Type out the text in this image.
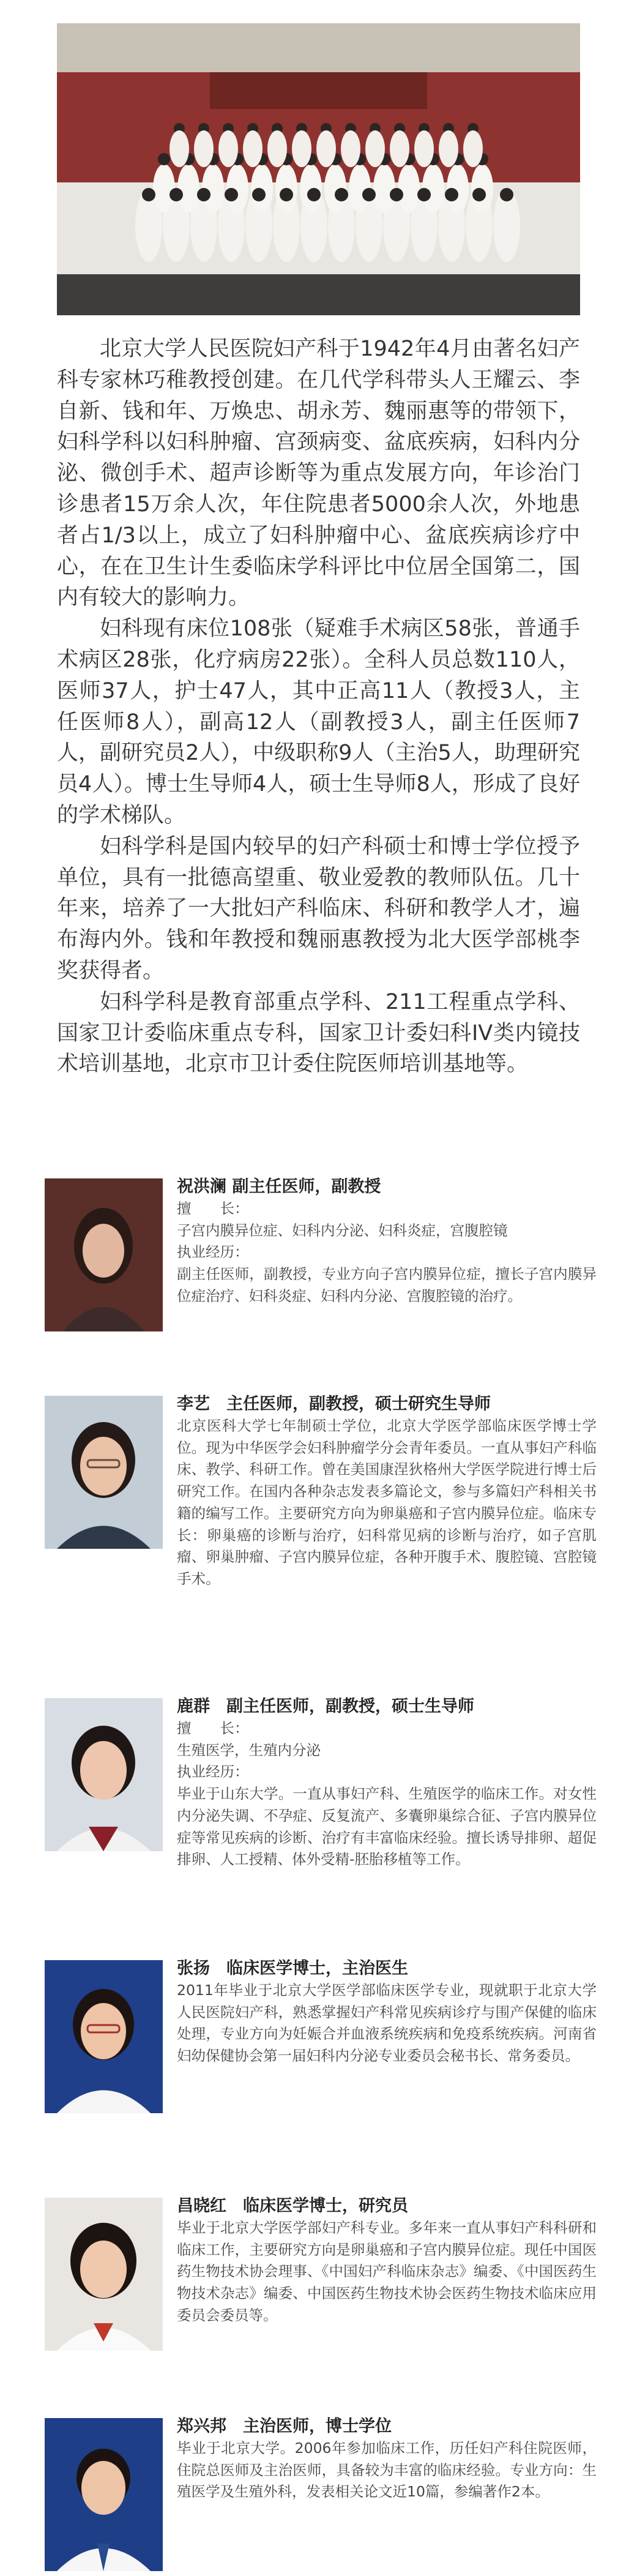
北京大学人民医院妇产科于1942年4月由著名妇产科专家林巧稚教授创建。在几代学科带头人王耀云、李自新、钱和年、万焕忠、胡永芳、魏丽惠等的带领下，妇科学科以妇科肿瘤、宫颈病变、盆底疾病，妇科内分泌、微创手术、超声诊断等为重点发展方向，年诊治门诊患者15万余人次，年住院患者5000余人次，外地患者占1/3以上，成立了妇科肿瘤中心、盆底疾病诊疗中心，在在卫生计生委临床学科评比中位居全国第二，国内有较大的影响力。

妇科现有床位108张（疑难手术病区58张，普通手术病区28张，化疗病房22张）。全科人员总数110人，医师37人，护士47人，其中正高11人（教授3人，主任医师8人），副高12人（副教授3人，副主任医师7人，副研究员2人），中级职称9人（主治5人，助理研究员4人）。博士生导师4人，硕士生导师8人，形成了良好的学术梯队。

妇科学科是国内较早的妇产科硕士和博士学位授予单位，具有一批德高望重、敬业爱教的教师队伍。几十年来，培养了一大批妇产科临床、科研和教学人才，遍布海内外。钱和年教授和魏丽惠教授为北大医学部桃李奖获得者。

妇科学科是教育部重点学科、211工程重点学科、国家卫计委临床重点专科，国家卫计委妇科IV类内镜技术培训基地，北京市卫计委住院医师培训基地等。

祝洪澜 副主任医师，副教授
擅　　长：
子宫内膜异位症、妇科内分泌、妇科炎症，宫腹腔镜
执业经历：
副主任医师，副教授，专业方向子宫内膜异位症，擅长子宫内膜异位症治疗、妇科炎症、妇科内分泌、宫腹腔镜的治疗。
李艺　主任医师，副教授，硕士研究生导师
北京医科大学七年制硕士学位，北京大学医学部临床医学博士学位。现为中华医学会妇科肿瘤学分会青年委员。一直从事妇产科临床、教学、科研工作。曾在美国康涅狄格州大学医学院进行博士后研究工作。在国内各种杂志发表多篇论文，参与多篇妇产科相关书籍的编写工作。主要研究方向为卵巢癌和子宫内膜异位症。临床专长：卵巢癌的诊断与治疗，妇科常见病的诊断与治疗，如子宫肌瘤、卵巢肿瘤、子宫内膜异位症，各种开腹手术、腹腔镜、宫腔镜手术。
鹿群　副主任医师，副教授，硕士生导师
擅　　长：
生殖医学，生殖内分泌
执业经历：
毕业于山东大学。一直从事妇产科、生殖医学的临床工作。对女性内分泌失调、不孕症、反复流产、多囊卵巢综合征、子宫内膜异位症等常见疾病的诊断、治疗有丰富临床经验。擅长诱导排卵、超促排卵、人工授精、体外受精-胚胎移植等工作。
张扬　临床医学博士，主治医生
2011年毕业于北京大学医学部临床医学专业，现就职于北京大学人民医院妇产科，熟悉掌握妇产科常见疾病诊疗与围产保健的临床处理，专业方向为妊娠合并血液系统疾病和免疫系统疾病。河南省妇幼保健协会第一届妇科内分泌专业委员会秘书长、常务委员。
昌晓红　临床医学博士，研究员
毕业于北京大学医学部妇产科专业。多年来一直从事妇产科科研和临床工作，主要研究方向是卵巢癌和子宫内膜异位症。现任中国医药生物技术协会理事、《中国妇产科临床杂志》编委、《中国医药生物技术杂志》编委、中国医药生物技术协会医药生物技术临床应用委员会委员等。
郑兴邦　主治医师，博士学位
毕业于北京大学。2006年参加临床工作，历任妇产科住院医师，住院总医师及主治医师，具备较为丰富的临床经验。专业方向：生殖医学及生殖外科，发表相关论文近10篇，参编著作2本。
